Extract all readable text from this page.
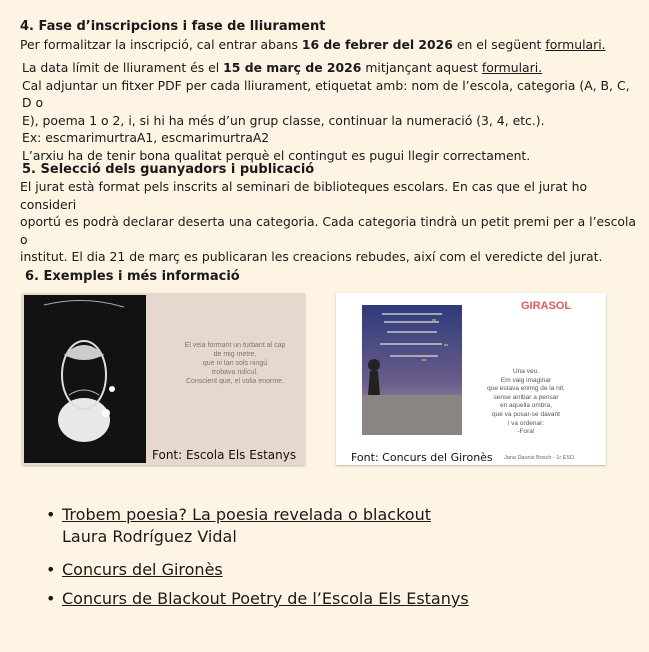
4. Fase d’inscripcions i fase de lliurament
Per formalitzar la inscripció, cal entrar abans 16 de febrer del 2026 en el següent formulari.
La data límit de lliurament és el 15 de març de 2026 mitjançant aquest formulari.
Cal adjuntar un fitxer PDF per cada lliurament, etiquetat amb: nom de l’escola, categoria (A, B, C, D o
E), poema 1 o 2, i, si hi ha més d’un grup classe, continuar la numeració (3, 4, etc.).
Ex: escmarimurtraA1, escmarimurtraA2
L’arxiu ha de tenir bona qualitat perquè el contingut es pugui llegir correctament.
5. Selecció dels guanyadors i publicació
El jurat està format pels inscrits al seminari de biblioteques escolars. En cas que el jurat ho consideri
oportú es podrà declarar deserta una categoria. Cada categoria tindrà un petit premi per a l’escola o
institut. El dia 21 de març es publicaran les creacions rebudes, així com el veredicte del jurat.
6. Exemples i més informació
El veia formant un turbant al cap
de mig metre,
que ni tan sols ningú
trobava ridícul.
Conscient que, el volia enorme.
Font: Escola Els Estanys
GIRASOL
Una veu.
Em vaig imaginar
que estava enmig de la nit,
sense arribar a pensar
en aquella ombra,
que va posar-se davant
i va ordenar:
-Fora!
Font: Concurs del Gironès Jana Daunis Bosch - 1r ESO
• Trobem poesia? La poesia revelada o blackout
Laura Rodríguez Vidal
• Concurs del Gironès
• Concurs de Blackout Poetry de l’Escola Els Estanys
